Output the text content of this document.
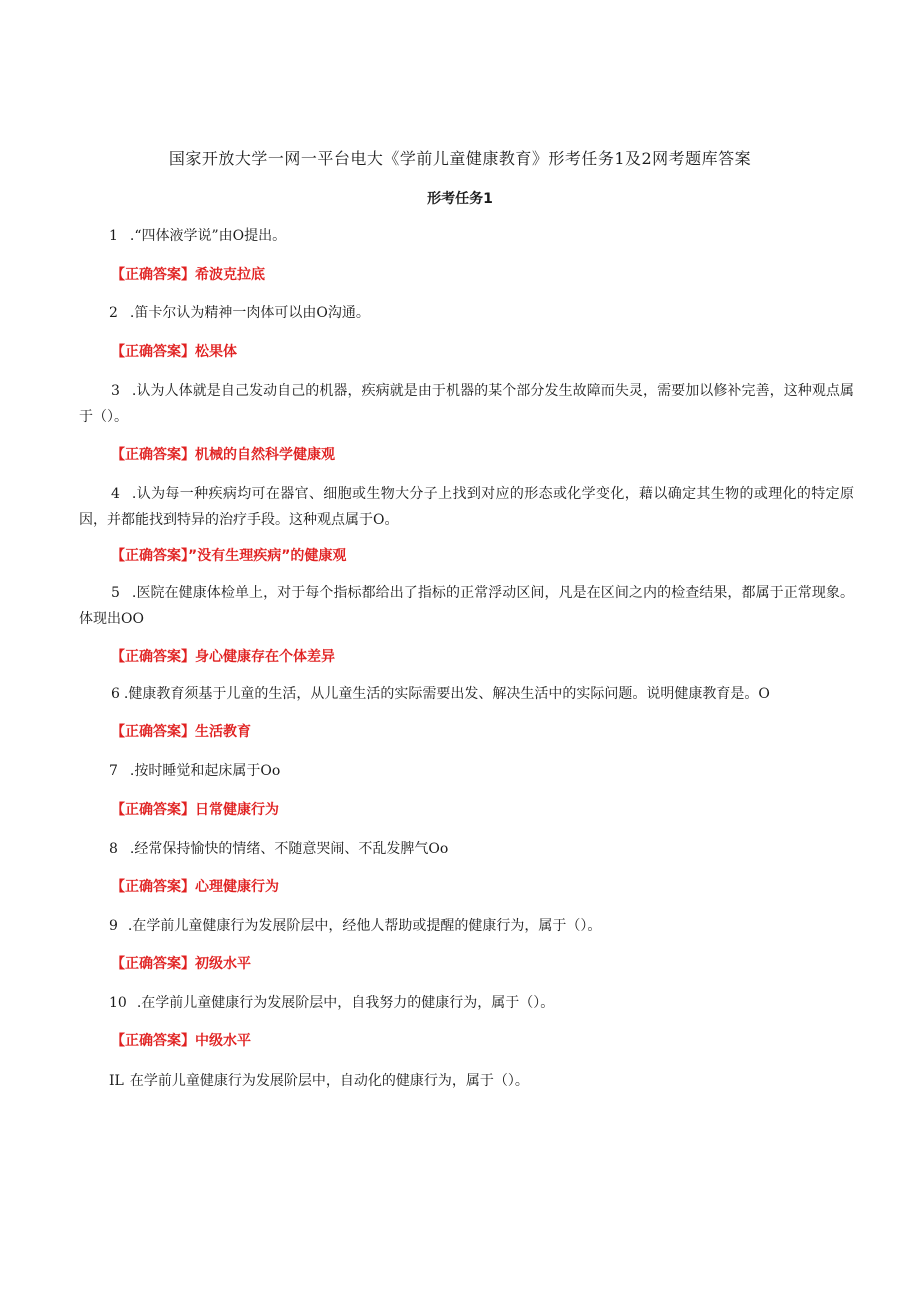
国家开放大学一网一平台电大《学前儿童健康教育》形考任务1及2网考题库答案
形考任务1
1 .“四体液学说”由O提出。
【正确答案】希波克拉底
2 .笛卡尔认为精神一肉体可以由O沟通。
【正确答案】松果体
3 .认为人体就是自己发动自己的机器，疾病就是由于机器的某个部分发生故障而失灵，需要加以修补完善，这种观点属于（）。
【正确答案】机械的自然科学健康观
4 .认为每一种疾病均可在器官、细胞或生物大分子上找到对应的形态或化学变化，藉以确定其生物的或理化的特定原因，并都能找到特异的治疗手段。这种观点属于O。
【正确答案】”没有生理疾病”的健康观
5 .医院在健康体检单上，对于每个指标都给出了指标的正常浮动区间，凡是在区间之内的检查结果，都属于正常现象。体现出OO
【正确答案】身心健康存在个体差异
6 .健康教育须基于儿童的生活，从儿童生活的实际需要出发、解决生活中的实际问题。说明健康教育是。O
【正确答案】生活教育
7 .按时睡觉和起床属于Oo
【正确答案】日常健康行为
8 .经常保持愉快的情绪、不随意哭闹、不乱发脾气Oo
【正确答案】心理健康行为
9 .在学前儿童健康行为发展阶层中，经他人帮助或提醒的健康行为，属于（）。
【正确答案】初级水平
10 .在学前儿童健康行为发展阶层中，自我努力的健康行为，属于（）。
【正确答案】中级水平
IL 在学前儿童健康行为发展阶层中，自动化的健康行为，属于（）。
